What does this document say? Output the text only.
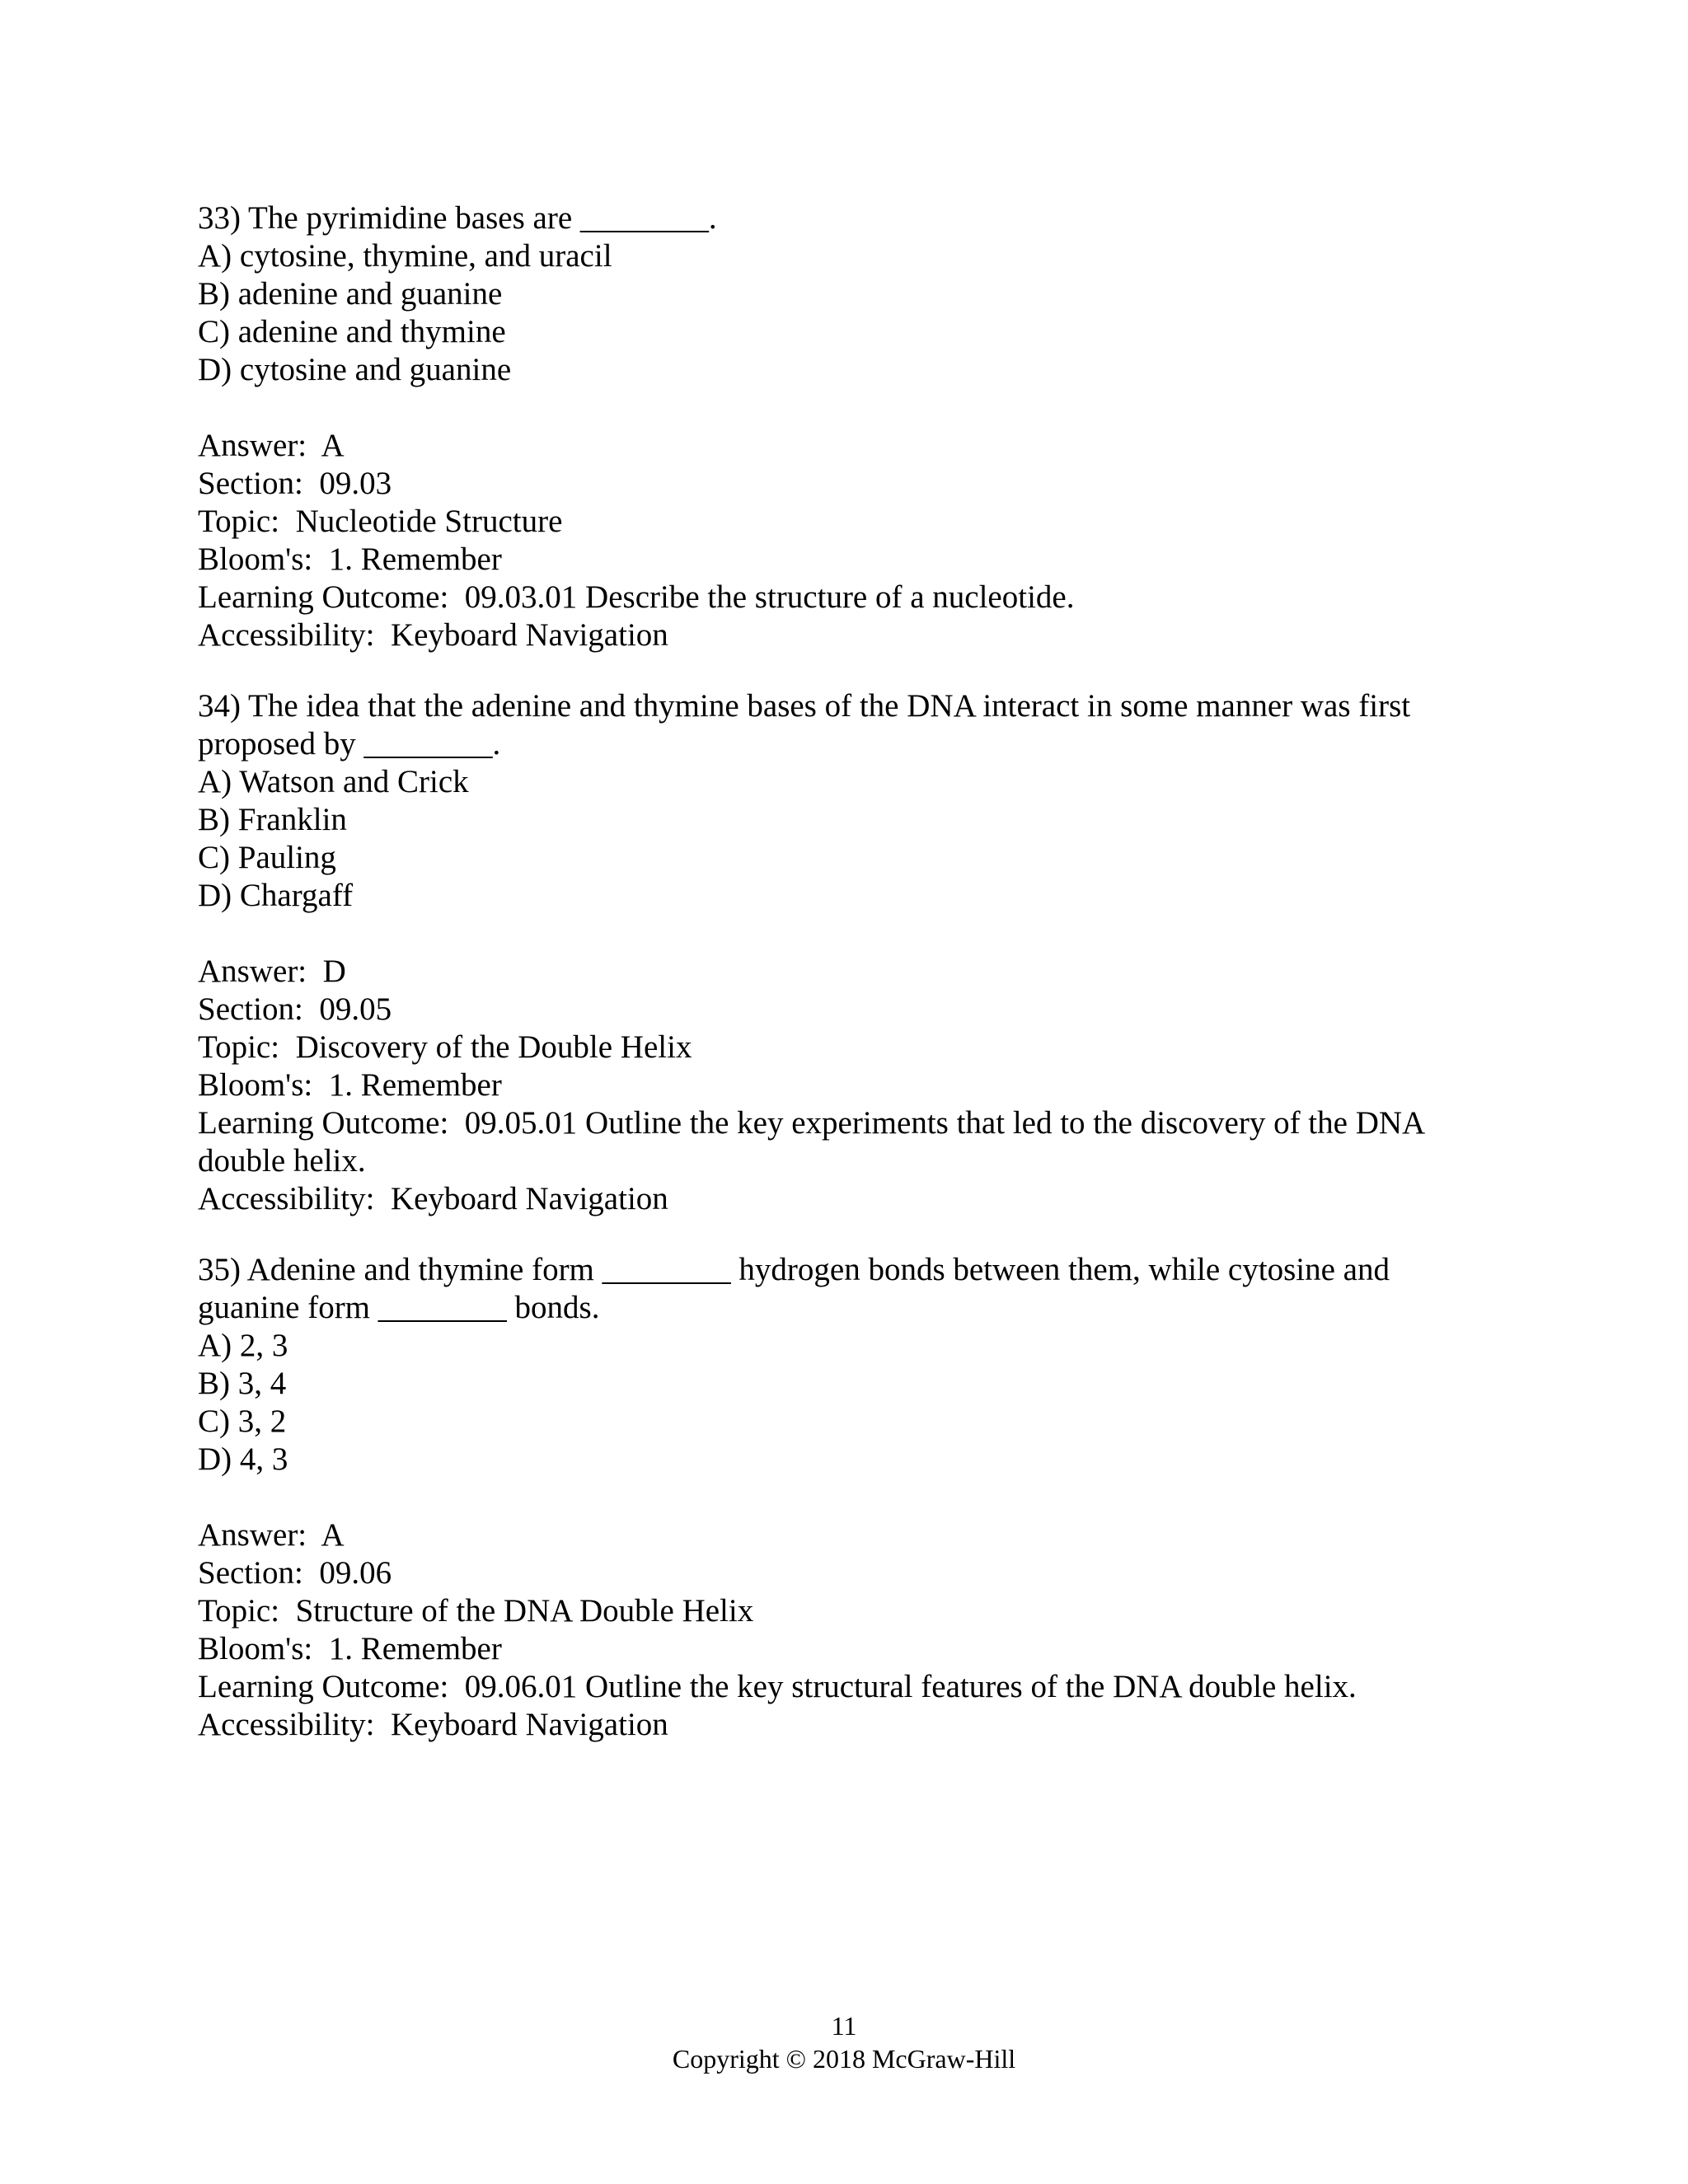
33) The pyrimidine bases are ________.
A) cytosine, thymine, and uracil
B) adenine and guanine
C) adenine and thymine
D) cytosine and guanine
Answer:  A
Section:  09.03
Topic:  Nucleotide Structure
Bloom's:  1. Remember
Learning Outcome:  09.03.01 Describe the structure of a nucleotide.
Accessibility:  Keyboard Navigation
34) The idea that the adenine and thymine bases of the DNA interact in some manner was first proposed by ________.
A) Watson and Crick
B) Franklin
C) Pauling
D) Chargaff
Answer:  D
Section:  09.05
Topic:  Discovery of the Double Helix
Bloom's:  1. Remember
Learning Outcome:  09.05.01 Outline the key experiments that led to the discovery of the DNA double helix.
Accessibility:  Keyboard Navigation
35) Adenine and thymine form ________ hydrogen bonds between them, while cytosine and guanine form ________ bonds.
A) 2, 3
B) 3, 4
C) 3, 2
D) 4, 3
Answer:  A
Section:  09.06
Topic:  Structure of the DNA Double Helix
Bloom's:  1. Remember
Learning Outcome:  09.06.01 Outline the key structural features of the DNA double helix.
Accessibility:  Keyboard Navigation
11
Copyright © 2018 McGraw-Hill
